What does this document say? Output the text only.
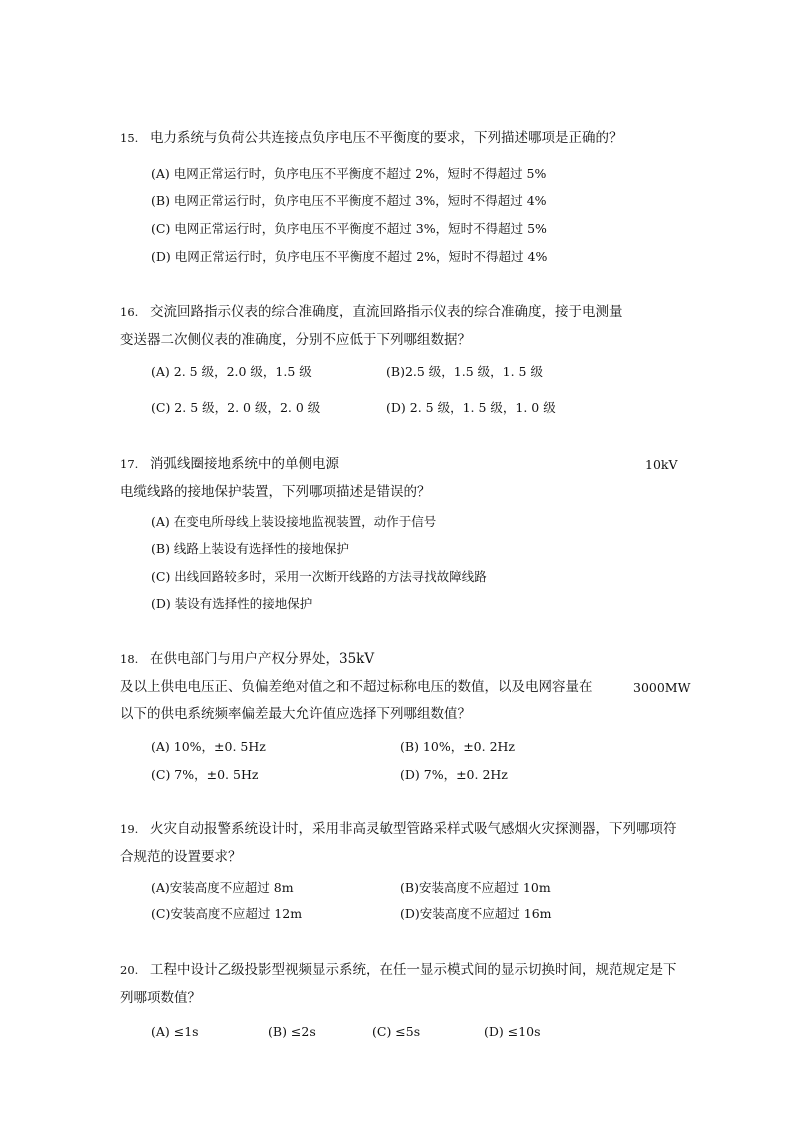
15. 电力系统与负荷公共连接点负序电压不平衡度的要求，下列描述哪项是正确的？
(A) 电网正常运行时，负序电压不平衡度不超过 2%，短时不得超过 5%
(B) 电网正常运行时，负序电压不平衡度不超过 3%，短时不得超过 4%
(C) 电网正常运行时，负序电压不平衡度不超过 3%，短时不得超过 5%
(D) 电网正常运行时，负序电压不平衡度不超过 2%，短时不得超过 4%
16. 交流回路指示仪表的综合准确度，直流回路指示仪表的综合准确度，接于电测量
变送器二次侧仪表的准确度，分别不应低于下列哪组数据？
(A) 2. 5 级，2.0 级，1.5 级	(B)2.5 级，1.5 级，1. 5 级
(C) 2. 5 级，2. 0 级，2. 0 级	(D) 2. 5 级，1. 5 级，1. 0 级
17. 消弧线圈接地系统中的单侧电源	10kV
电缆线路的接地保护装置，下列哪项描述是错误的？
(A) 在变电所母线上装设接地监视装置，动作于信号
(B) 线路上装设有选择性的接地保护
(C) 出线回路较多时，采用一次断开线路的方法寻找故障线路
(D) 装设有选择性的接地保护
18. 在供电部门与用户产权分界处，35kV
及以上供电电压正、负偏差绝对值之和不超过标称电压的数值，以及电网容量在	3000MW
以下的供电系统频率偏差最大允许值应选择下列哪组数值？
(A) 10%，±0. 5Hz	(B) 10%，±0. 2Hz
(C) 7%，±0. 5Hz	(D) 7%，±0. 2Hz
19. 火灾自动报警系统设计时，采用非高灵敏型管路采样式吸气感烟火灾探测器，下列哪项符
合规范的设置要求？
(A)安装高度不应超过 8m	(B)安装高度不应超过 10m
(C)安装高度不应超过 12m	(D)安装高度不应超过 16m
20. 工程中设计乙级投影型视频显示系统，在任一显示模式间的显示切换时间，规范规定是下
列哪项数值？
(A) ≤1s	(B) ≤2s	(C) ≤5s	(D) ≤10s
